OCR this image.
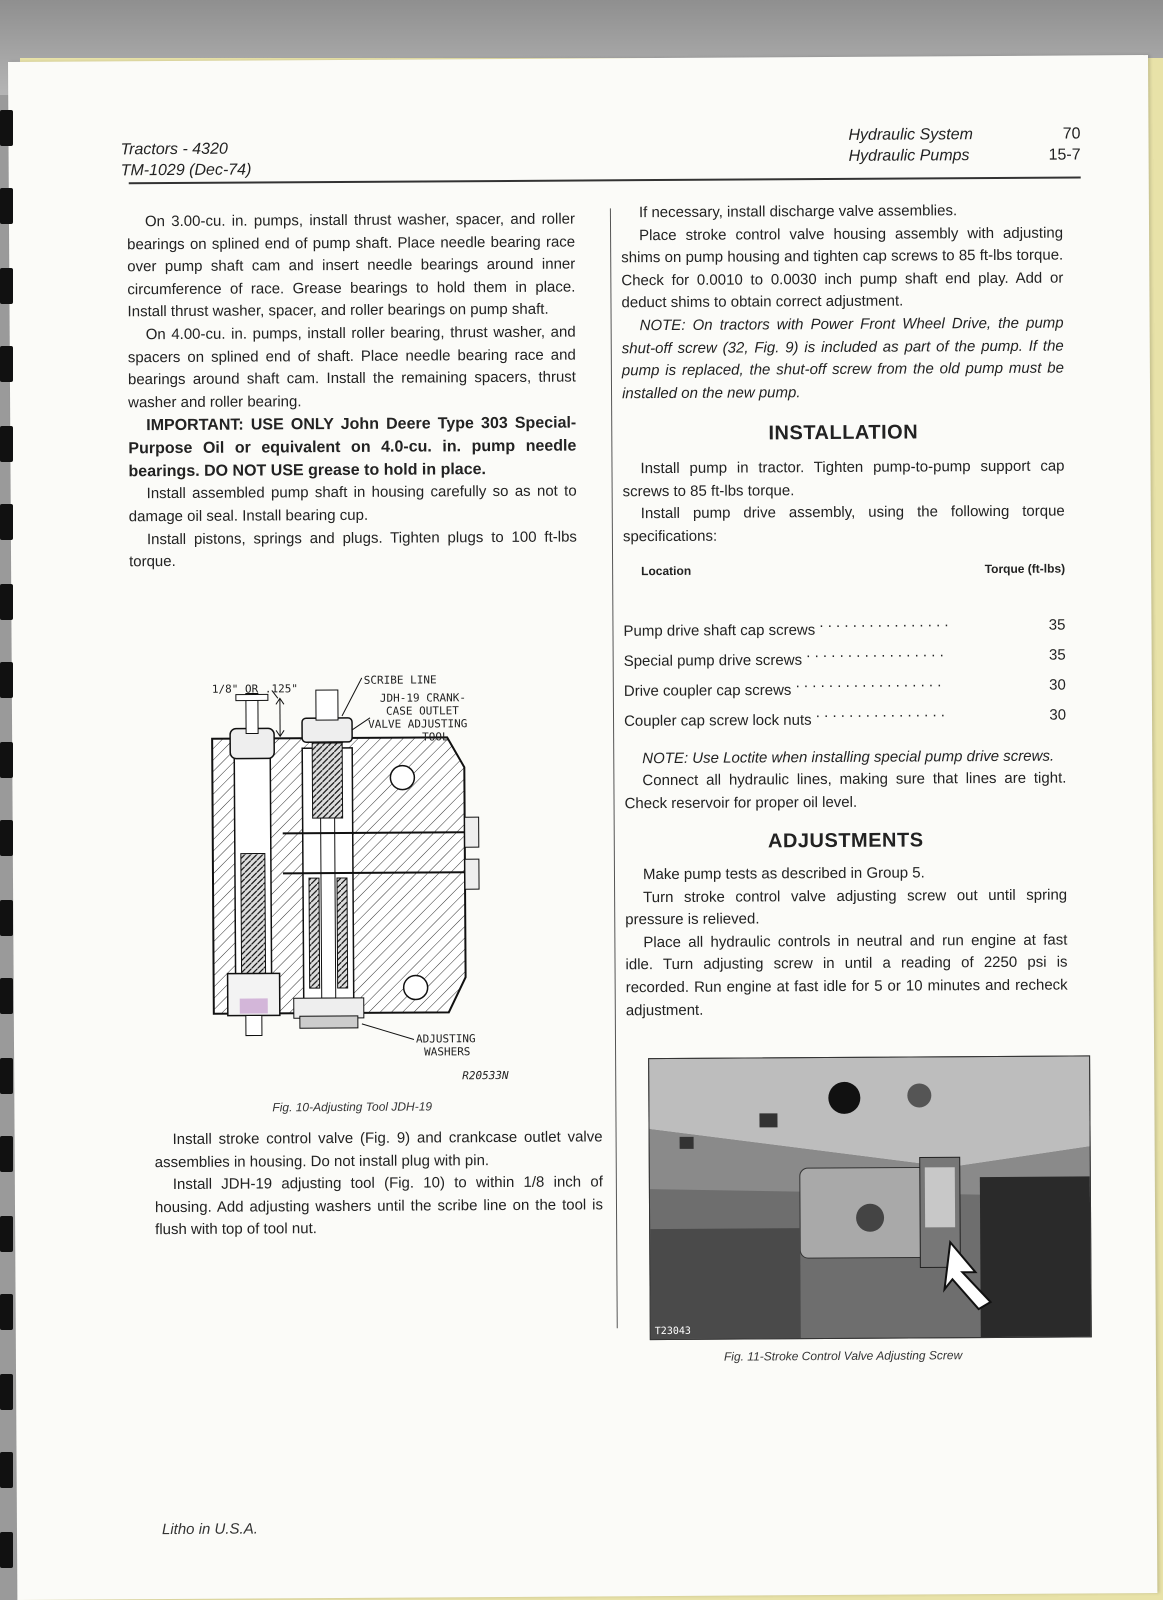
Tractors - 4320
TM-1029 (Dec-74)
Hydraulic System	70
Hydraulic Pumps	15-7

On 3.00-cu. in. pumps, install thrust washer, spacer, and roller bearings on splined end of pump shaft. Place needle bearing race over pump shaft cam and insert needle bearings around inner circumference of race. Grease bearings to hold them in place. Install thrust washer, spacer, and roller bearings on pump shaft.

On 4.00-cu. in. pumps, install roller bearing, thrust washer, and spacers on splined end of shaft. Place needle bearing race and bearings around shaft cam. Install the remaining spacers, thrust washer and roller bearing.

IMPORTANT: USE ONLY John Deere Type 303 Special-Purpose Oil or equivalent on 4.0-cu. in. pump needle bearings. DO NOT USE grease to hold in place.

Install assembled pump shaft in housing carefully so as not to damage oil seal. Install bearing cup.

Install pistons, springs and plugs. Tighten plugs to 100 ft-lbs torque.

1/8" OR .125"
SCRIBE LINE
JDH-19 CRANK-
CASE OUTLET
VALVE ADJUSTING
TOOL
ADJUSTING
WASHERS
R20533N
Fig. 10-Adjusting Tool JDH-19

Install stroke control valve (Fig. 9) and crankcase outlet valve assemblies in housing. Do not install plug with pin.

Install JDH-19 adjusting tool (Fig. 10) to within 1/8 inch of housing. Add adjusting washers until the scribe line on the tool is flush with top of tool nut.

If necessary, install discharge valve assemblies.

Place stroke control valve housing assembly with adjusting shims on pump housing and tighten cap screws to 85 ft-lbs torque. Check for 0.0010 to 0.0030 inch pump shaft end play. Add or deduct shims to obtain correct adjustment.

NOTE: On tractors with Power Front Wheel Drive, the pump shut-off screw (32, Fig. 9) is included as part of the pump. If the pump is replaced, the shut-off screw from the old pump must be installed on the new pump.

INSTALLATION

Install pump in tractor. Tighten pump-to-pump support cap screws to 85 ft-lbs torque.

Install pump drive assembly, using the following torque specifications:

Location	Torque (ft-lbs)
Pump drive shaft cap screws . . . . . . . . . . . . . . . .	35
Special pump drive screws . . . . . . . . . . . . . . . . .	35
Drive coupler cap screws . . . . . . . . . . . . . . . . . .	30
Coupler cap screw lock nuts . . . . . . . . . . . . . . . .	30

NOTE: Use Loctite when installing special pump drive screws.

Connect all hydraulic lines, making sure that lines are tight. Check reservoir for proper oil level.

ADJUSTMENTS

Make pump tests as described in Group 5.

Turn stroke control valve adjusting screw out until spring pressure is relieved.

Place all hydraulic controls in neutral and run engine at fast idle. Turn adjusting screw in until a reading of 2250 psi is recorded. Run engine at fast idle for 5 or 10 minutes and recheck adjustment.

T23043
Fig. 11-Stroke Control Valve Adjusting Screw
Litho in U.S.A.
